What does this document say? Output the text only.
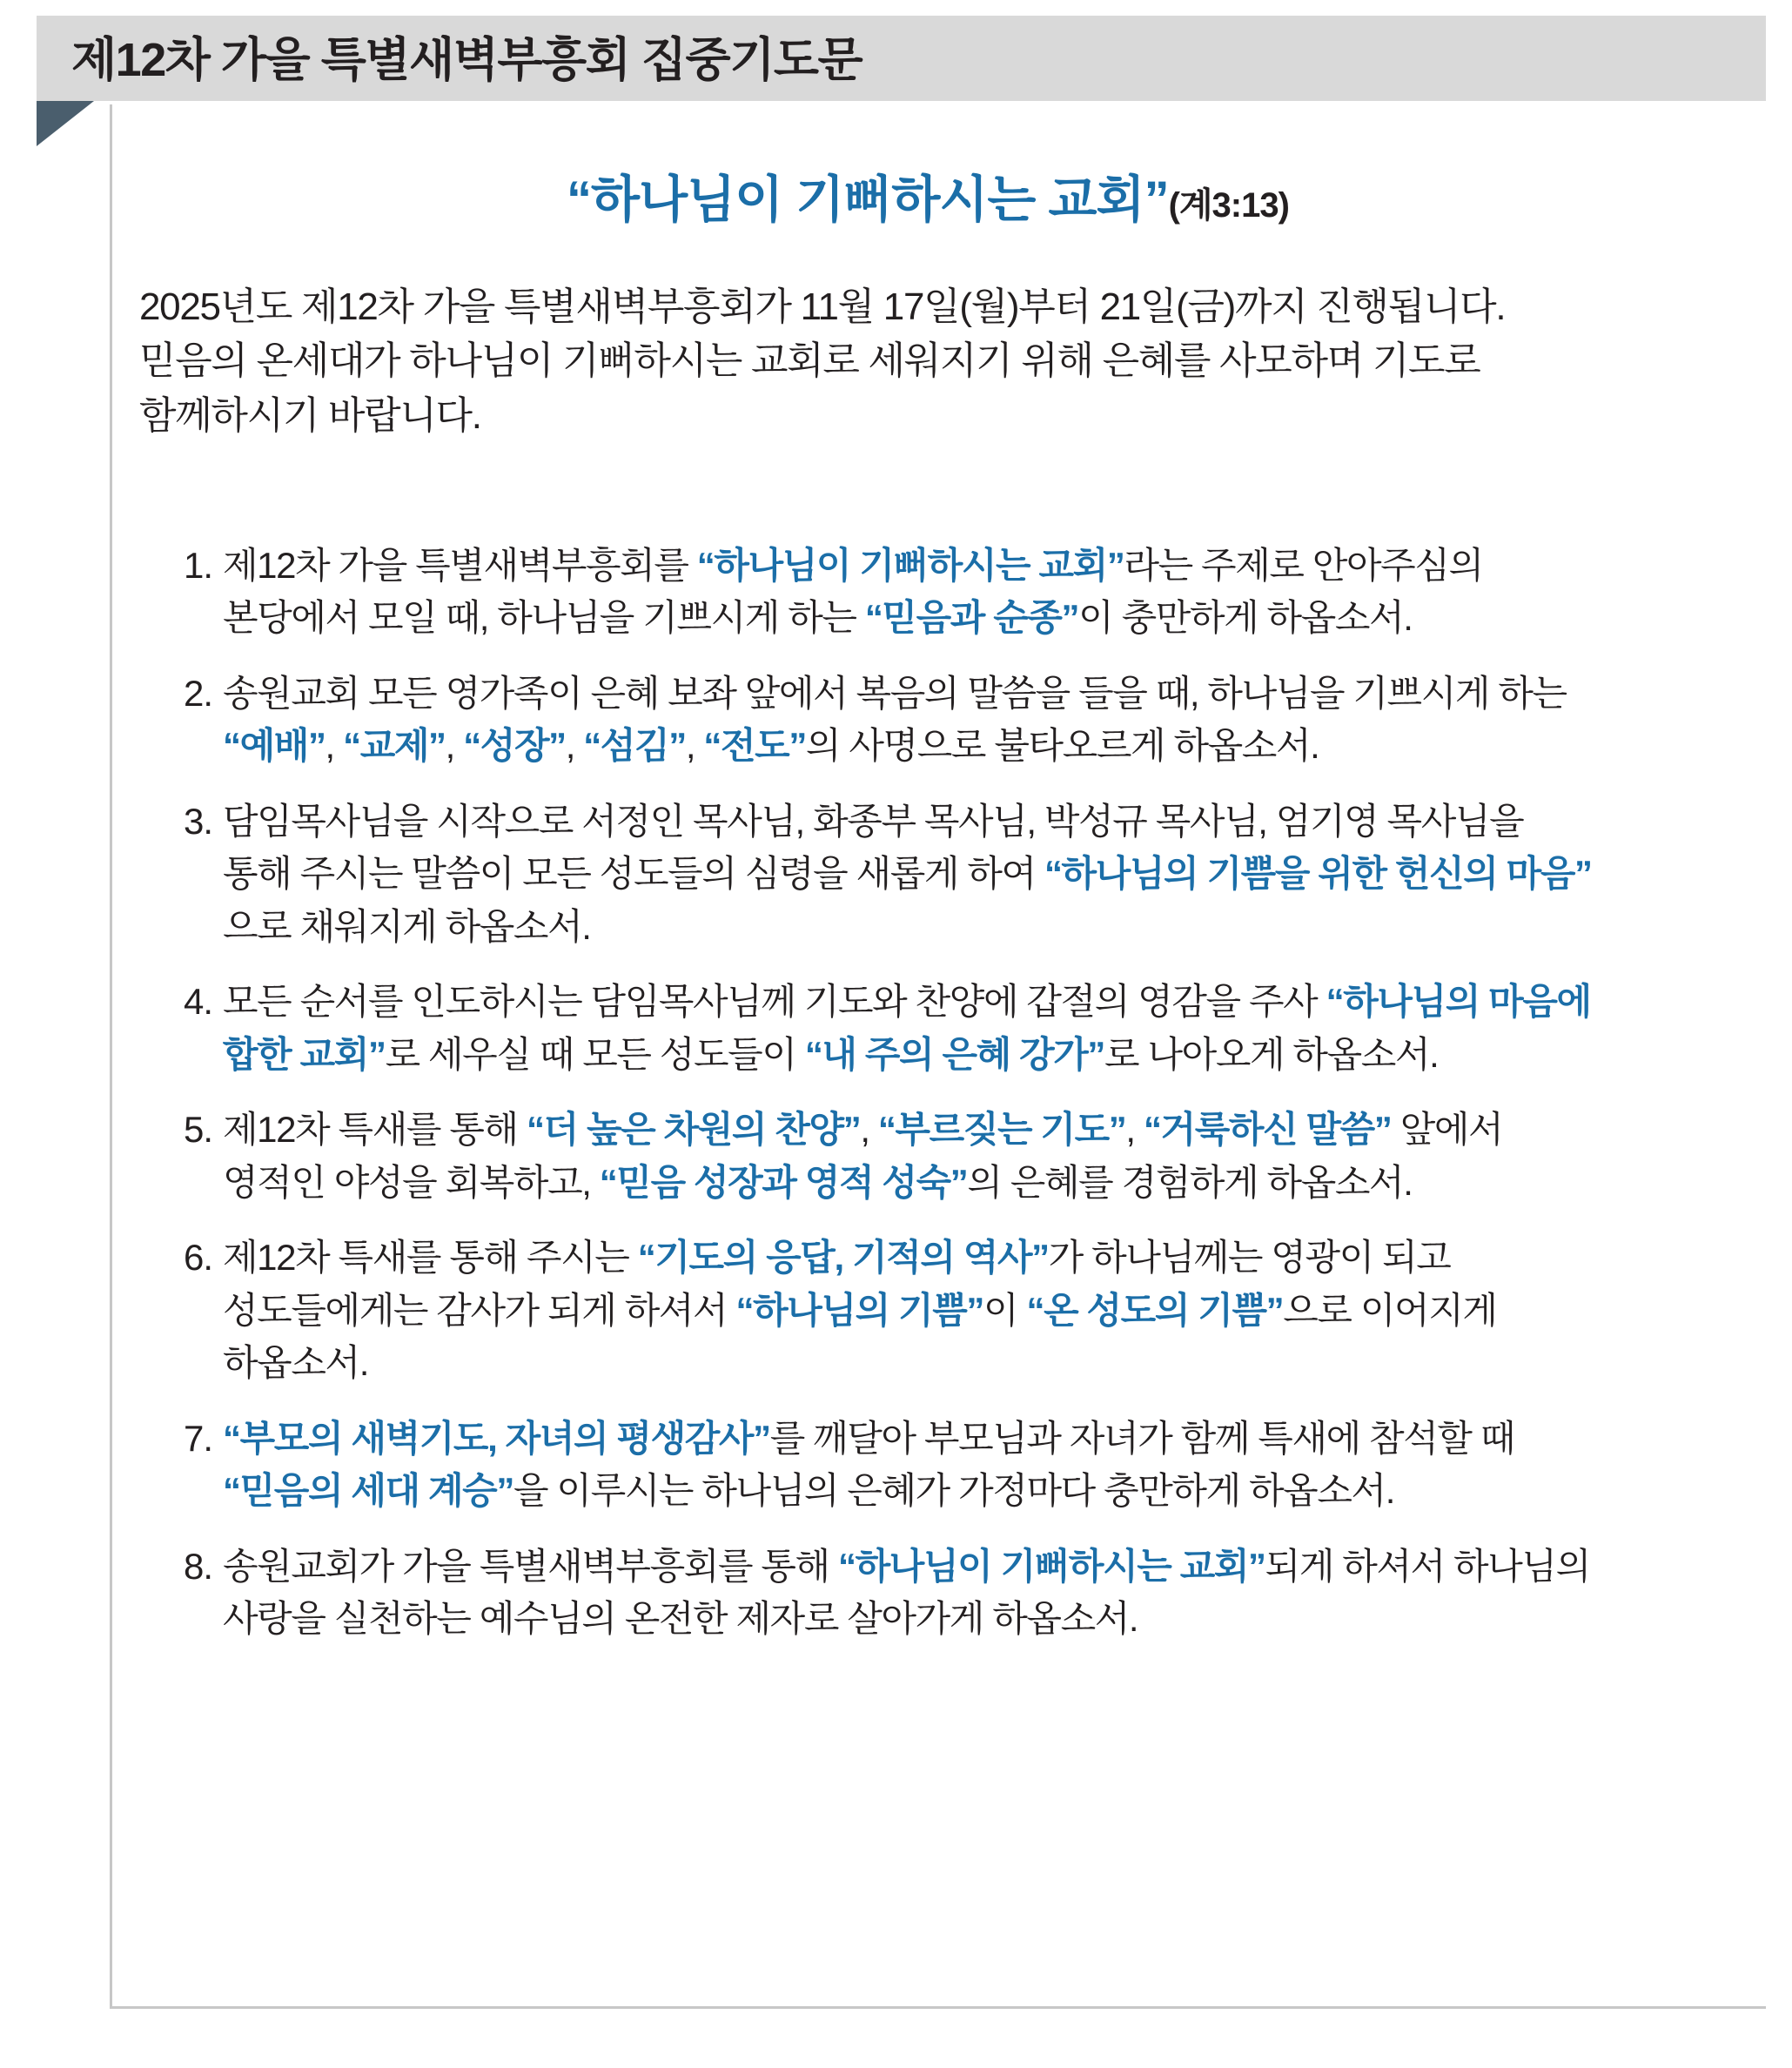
제12차 가을 특별새벽부흥회 집중기도문
“하나님이 기뻐하시는 교회”(계3:13)
2025년도 제12차 가을 특별새벽부흥회가 11월 17일(월)부터 21일(금)까지 진행됩니다.
믿음의 온세대가 하나님이 기뻐하시는 교회로 세워지기 위해 은혜를 사모하며 기도로
함께하시기 바랍니다.
1. 제12차 가을 특별새벽부흥회를 “하나님이 기뻐하시는 교회”라는 주제로 안아주심의
본당에서 모일 때, 하나님을 기쁘시게 하는 “믿음과 순종”이 충만하게 하옵소서.
2. 송원교회 모든 영가족이 은혜 보좌 앞에서 복음의 말씀을 들을 때, 하나님을 기쁘시게 하는
“예배”, “교제”, “성장”, “섬김”, “전도”의 사명으로 불타오르게 하옵소서.
3. 담임목사님을 시작으로 서정인 목사님, 화종부 목사님, 박성규 목사님, 엄기영 목사님을
통해 주시는 말씀이 모든 성도들의 심령을 새롭게 하여 “하나님의 기쁨을 위한 헌신의 마음”
으로 채워지게 하옵소서.
4. 모든 순서를 인도하시는 담임목사님께 기도와 찬양에 갑절의 영감을 주사 “하나님의 마음에
합한 교회”로 세우실 때 모든 성도들이 “내 주의 은혜 강가”로 나아오게 하옵소서.
5. 제12차 특새를 통해 “더 높은 차원의 찬양”, “부르짖는 기도”, “거룩하신 말씀” 앞에서
영적인 야성을 회복하고, “믿음 성장과 영적 성숙”의 은혜를 경험하게 하옵소서.
6. 제12차 특새를 통해 주시는 “기도의 응답, 기적의 역사”가 하나님께는 영광이 되고
성도들에게는 감사가 되게 하셔서 “하나님의 기쁨”이 “온 성도의 기쁨”으로 이어지게
하옵소서.
7. “부모의 새벽기도, 자녀의 평생감사”를 깨달아 부모님과 자녀가 함께 특새에 참석할 때
“믿음의 세대 계승”을 이루시는 하나님의 은혜가 가정마다 충만하게 하옵소서.
8. 송원교회가 가을 특별새벽부흥회를 통해 “하나님이 기뻐하시는 교회”되게 하셔서 하나님의
사랑을 실천하는 예수님의 온전한 제자로 살아가게 하옵소서.
